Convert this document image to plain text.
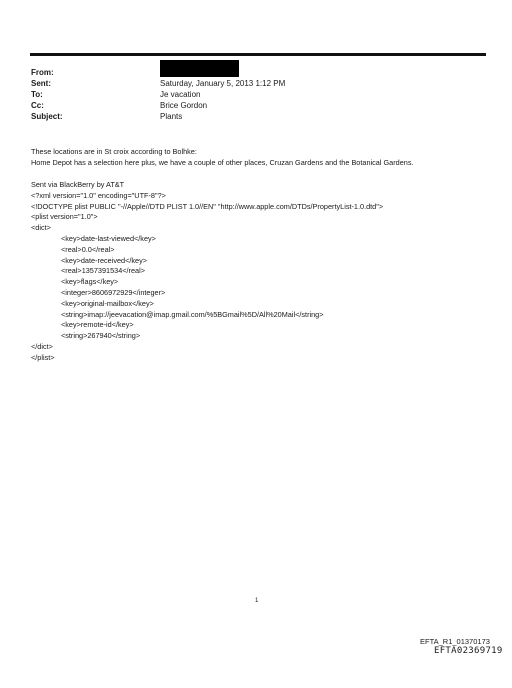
From:
Sent:	Saturday, January 5, 2013 1:12 PM
To:	Je vacation
Cc:	Brice Gordon
Subject:	Plants
These locations are in St croix according to Bolhke:
Home Depot has a selection here plus, we have a couple of other places, Cruzan Gardens and the Botanical Gardens.
Sent via BlackBerry by AT&T
<?xml version="1.0" encoding="UTF-8"?>
<!DOCTYPE plist PUBLIC "-//Apple//DTD PLIST 1.0//EN" "http://www.apple.com/DTDs/PropertyList-1.0.dtd">
<plist version="1.0">
<dict>
<key>date-last-viewed</key>
<real>0.0</real>
<key>date-received</key>
<real>1357391534</real>
<key>flags</key>
<integer>8606972929</integer>
<key>original-mailbox</key>
<string>imap://jeevacation@imap.gmail.com/%5BGmail%5D/All%20Mail</string>
<key>remote-id</key>
<string>267940</string>
</dict>
</plist>
1
EFTA_R1_01370173
EFTA02369719
